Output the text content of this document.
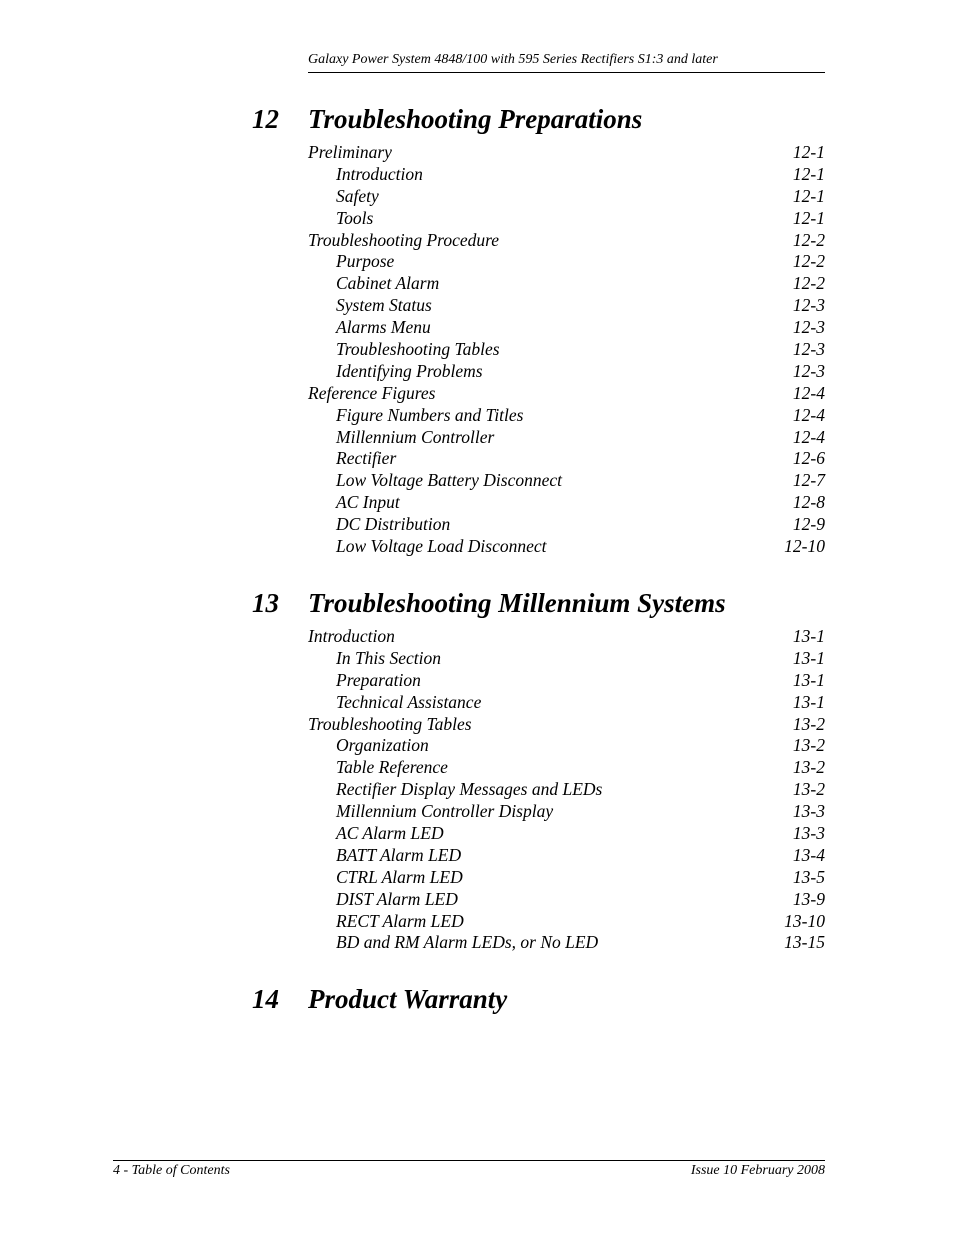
Galaxy Power System 4848/100 with 595 Series Rectifiers S1:3 and later
12 Troubleshooting Preparations
Preliminary	12-1
Introduction	12-1
Safety	12-1
Tools	12-1
Troubleshooting Procedure	12-2
Purpose	12-2
Cabinet Alarm	12-2
System Status	12-3
Alarms Menu	12-3
Troubleshooting Tables	12-3
Identifying Problems	12-3
Reference Figures	12-4
Figure Numbers and Titles	12-4
Millennium Controller	12-4
Rectifier	12-6
Low Voltage Battery Disconnect	12-7
AC Input	12-8
DC Distribution	12-9
Low Voltage Load Disconnect	12-10
13 Troubleshooting Millennium Systems
Introduction	13-1
In This Section	13-1
Preparation	13-1
Technical Assistance	13-1
Troubleshooting Tables	13-2
Organization	13-2
Table Reference	13-2
Rectifier Display Messages and LEDs	13-2
Millennium Controller Display	13-3
AC Alarm LED	13-3
BATT Alarm LED	13-4
CTRL Alarm LED	13-5
DIST Alarm LED	13-9
RECT Alarm LED	13-10
BD and RM Alarm LEDs, or No LED	13-15
14 Product Warranty
4 - Table of Contents	Issue 10 February 2008
